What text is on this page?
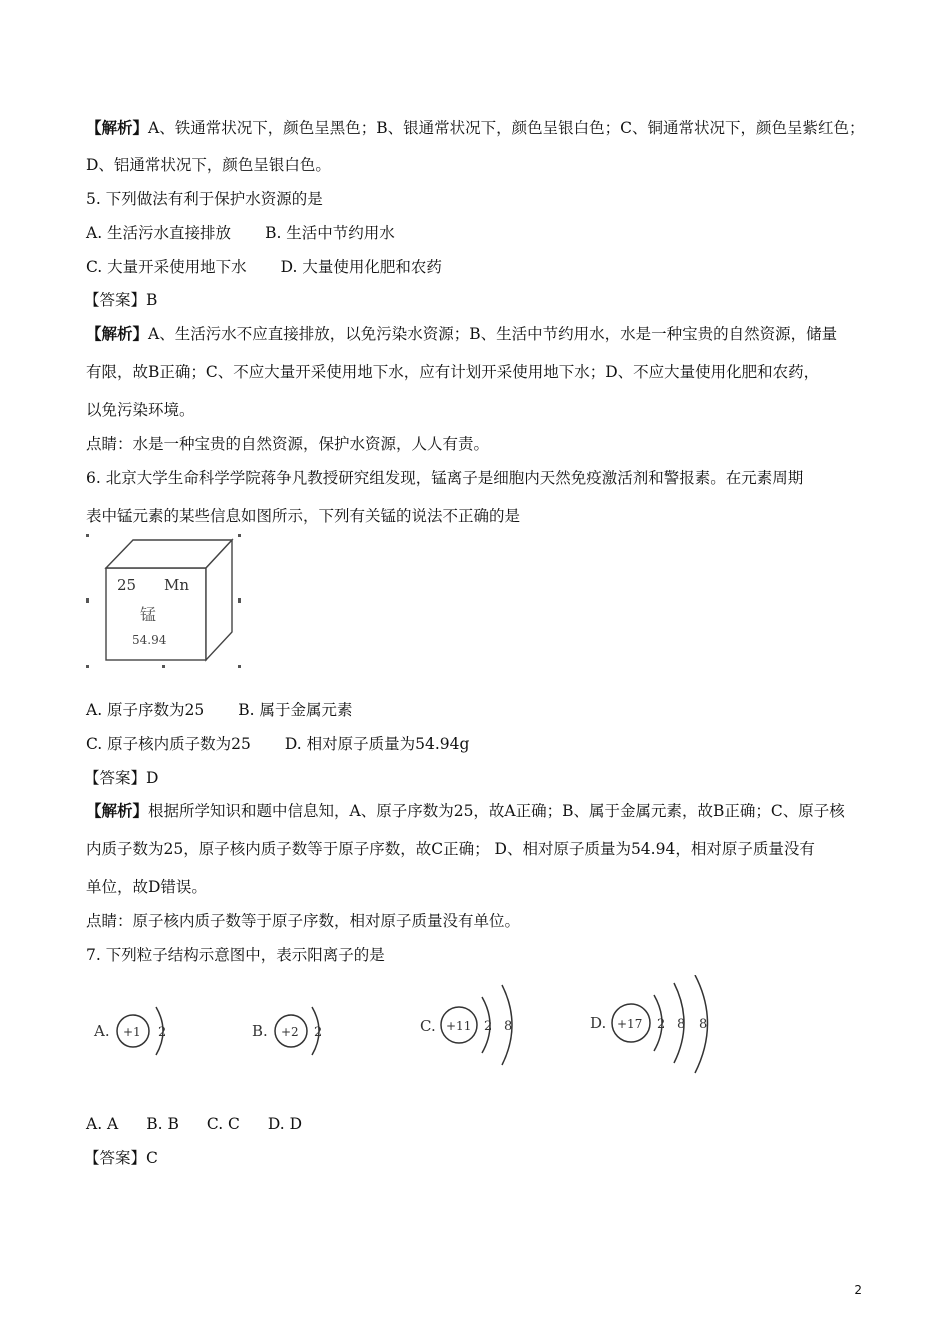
【解析】A、铁通常状况下，颜色呈黑色；B、银通常状况下，颜色呈银白色；C、铜通常状况下，颜色呈紫红色；
D、铝通常状况下，颜色呈银白色。
5. 下列做法有利于保护水资源的是
A. 生活污水直接排放 B. 生活中节约用水
C. 大量开采使用地下水 D. 大量使用化肥和农药
【答案】B
【解析】A、生活污水不应直接排放，以免污染水资源；B、生活中节约用水，水是一种宝贵的自然资源，储量
有限，故B正确；C、不应大量开采使用地下水，应有计划开采使用地下水；D、不应大量使用化肥和农药，
以免污染环境。
点睛：水是一种宝贵的自然资源，保护水资源，人人有责。
6. 北京大学生命科学学院蒋争凡教授研究组发现，锰离子是细胞内天然免疫激活剂和警报素。在元素周期
表中锰元素的某些信息如图所示，下列有关锰的说法不正确的是
25 Mn
锰
54.94
A. 原子序数为25 B. 属于金属元素
C. 原子核内质子数为25 D. 相对原子质量为54.94g
【答案】D
【解析】根据所学知识和题中信息知，A、原子序数为25，故A正确；B、属于金属元素，故B正确；C、原子核
内质子数为25，原子核内质子数等于原子序数，故C正确； D、相对原子质量为54.94，相对原子质量没有
单位，故D错误。
点睛：原子核内质子数等于原子序数，相对原子质量没有单位。
7. 下列粒子结构示意图中，表示阳离子的是
A. +1 2	B. +2 2	C. +11 2 8	D. +17 2 8 8
A. A B. B C. C D. D
【答案】C
2
